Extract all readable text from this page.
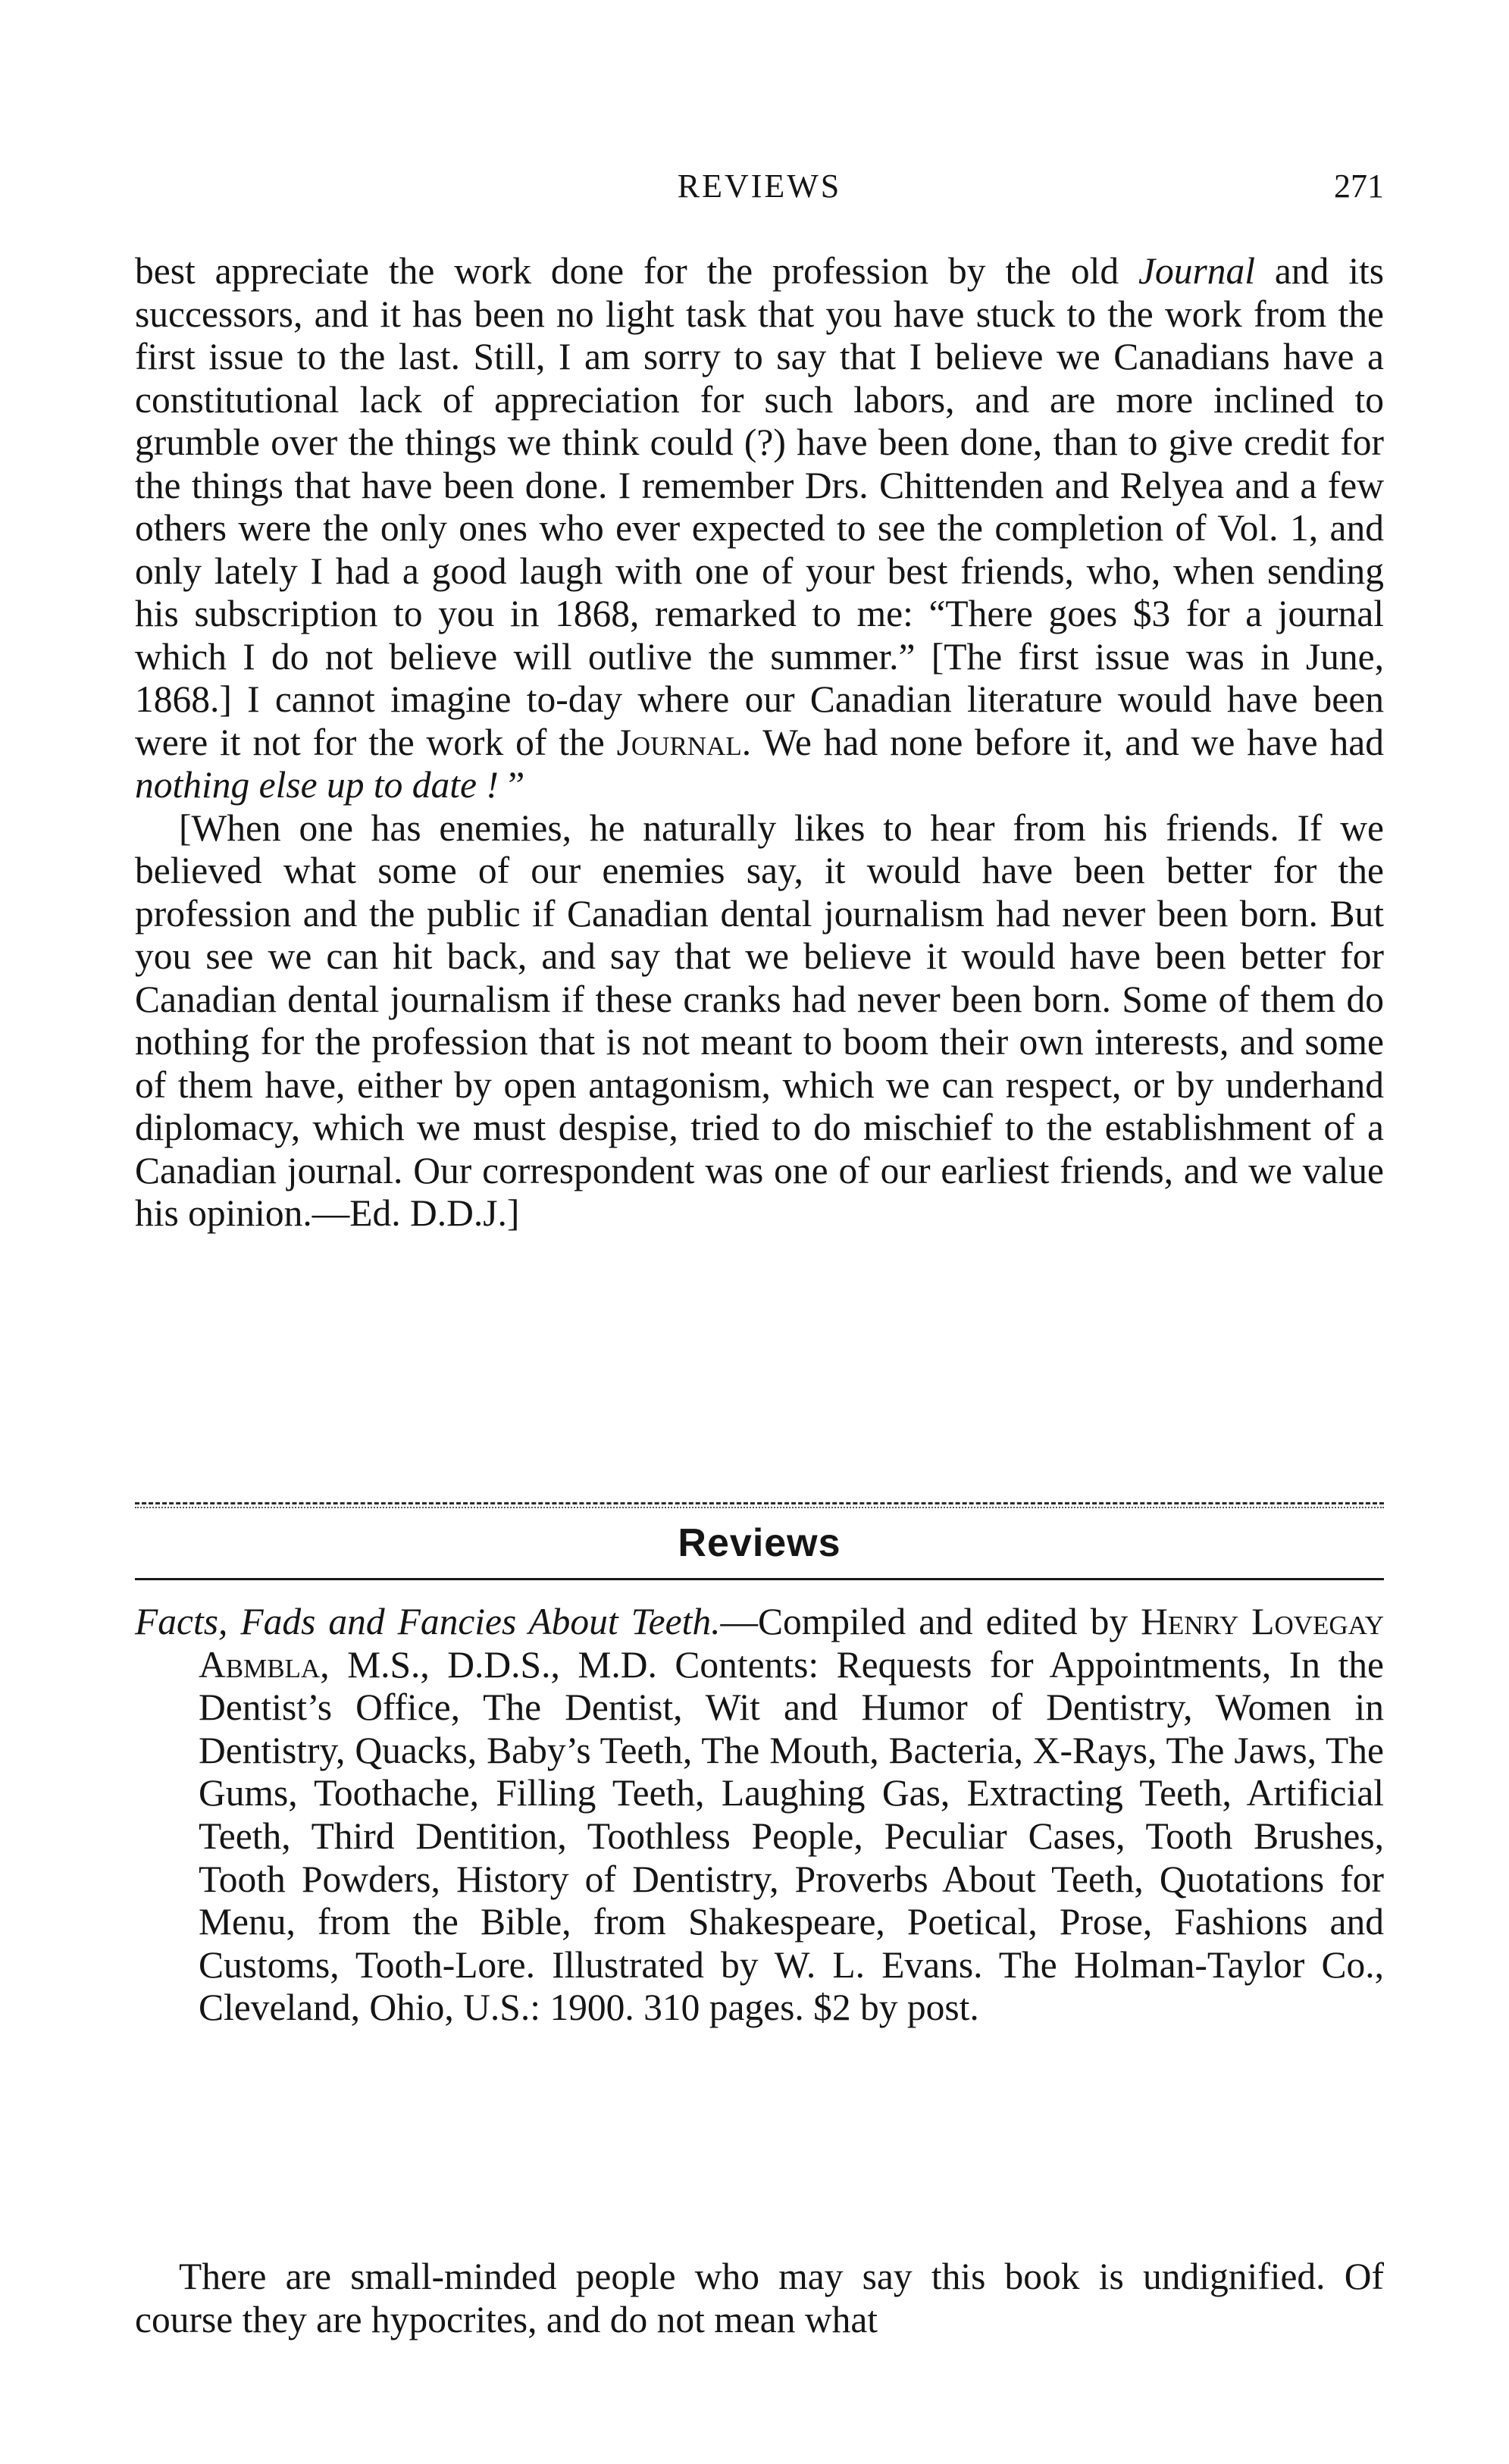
REVIEWS	271

best appreciate the work done for the profession by the old Journal and its successors, and it has been no light task that you have stuck to the work from the first issue to the last. Still, I am sorry to say that I believe we Canadians have a constitutional lack of appreciation for such labors, and are more inclined to grumble over the things we think could (?) have been done, than to give credit for the things that have been done. I remember Drs. Chittenden and Relyea and a few others were the only ones who ever expected to see the completion of Vol. 1, and only lately I had a good laugh with one of your best friends, who, when sending his subscription to you in 1868, remarked to me: “There goes $3 for a journal which I do not believe will outlive the summer.” [The first issue was in June, 1868.] I cannot imagine to-day where our Canadian literature would have been were it not for the work of the Journal. We had none before it, and we have had nothing else up to date ! ”

[When one has enemies, he naturally likes to hear from his friends. If we believed what some of our enemies say, it would have been better for the profession and the public if Canadian dental journalism had never been born. But you see we can hit back, and say that we believe it would have been better for Canadian dental journalism if these cranks had never been born. Some of them do nothing for the profession that is not meant to boom their own interests, and some of them have, either by open antagonism, which we can respect, or by underhand diplomacy, which we must despise, tried to do mischief to the establishment of a Canadian journal. Our correspondent was one of our earliest friends, and we value his opinion.—Ed. D.D.J.]

Reviews

Facts, Fads and Fancies About Teeth.—Compiled and edited by Henry Lovegay Abmbla, M.S., D.D.S., M.D. Contents: Requests for Appointments, In the Dentist’s Office, The Dentist, Wit and Humor of Dentistry, Women in Dentistry, Quacks, Baby’s Teeth, The Mouth, Bacteria, X-Rays, The Jaws, The Gums, Toothache, Filling Teeth, Laughing Gas, Extracting Teeth, Artificial Teeth, Third Dentition, Toothless People, Peculiar Cases, Tooth Brushes, Tooth Powders, History of Dentistry, Proverbs About Teeth, Quotations for Menu, from the Bible, from Shakespeare, Poetical, Prose, Fashions and Customs, Tooth-Lore. Illustrated by W. L. Evans. The Holman-Taylor Co., Cleveland, Ohio, U.S.: 1900. 310 pages. $2 by post.

There are small-minded people who may say this book is undignified. Of course they are hypocrites, and do not mean what
